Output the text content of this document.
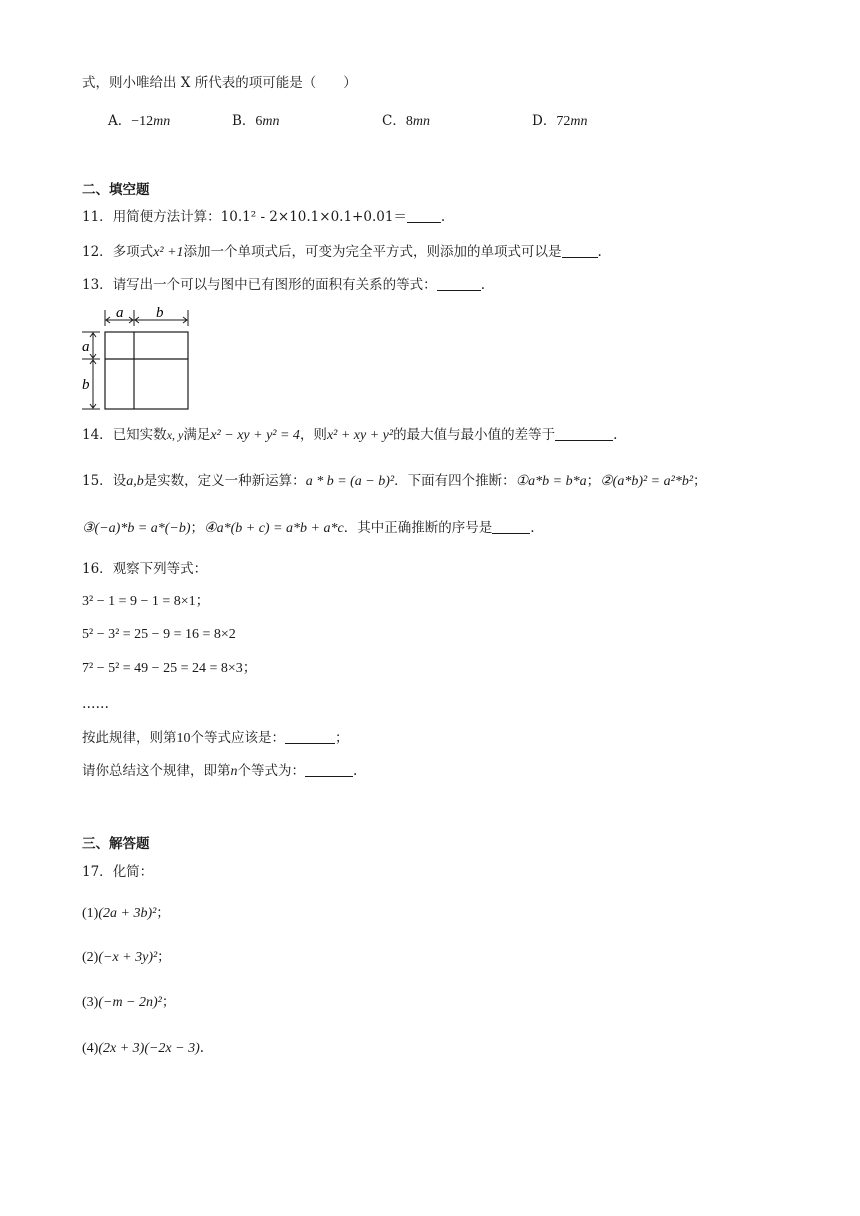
式，则小唯给出 X 所代表的项可能是（　　）
A．−12mn	B．6mn	C．8mn	D．72mn
二、填空题
11．用简便方法计算：10.1² - 2×10.1×0.1+0.01＝	.
12．多项式x² +1添加一个单项式后，可变为完全平方式，则添加的单项式可以是	.
13．请写出一个可以与图中已有图形的面积有关系的等式：	.
a b
a
b
14．已知实数x, y满足x² − xy + y² = 4，则x² + xy + y²的最大值与最小值的差等于	.
15．设a,b是实数，定义一种新运算：a * b = (a − b)²．下面有四个推断：①a*b = b*a；②(a*b)² = a²*b²；
③(−a)*b = a*(−b)；④a*(b + c) = a*b + a*c．其中正确推断的序号是	.
16．观察下列等式：
3² − 1 = 9 − 1 = 8×1；
5² − 3² = 25 − 9 = 16 = 8×2
7² − 5² = 49 − 25 = 24 = 8×3；
……
按此规律，则第10个等式应该是：	；
请你总结这个规律，即第n个等式为：	.
三、解答题
17．化简：
(1)(2a + 3b)²；
(2)(−x + 3y)²；
(3)(−m − 2n)²；
(4)(2x + 3)(−2x − 3).
